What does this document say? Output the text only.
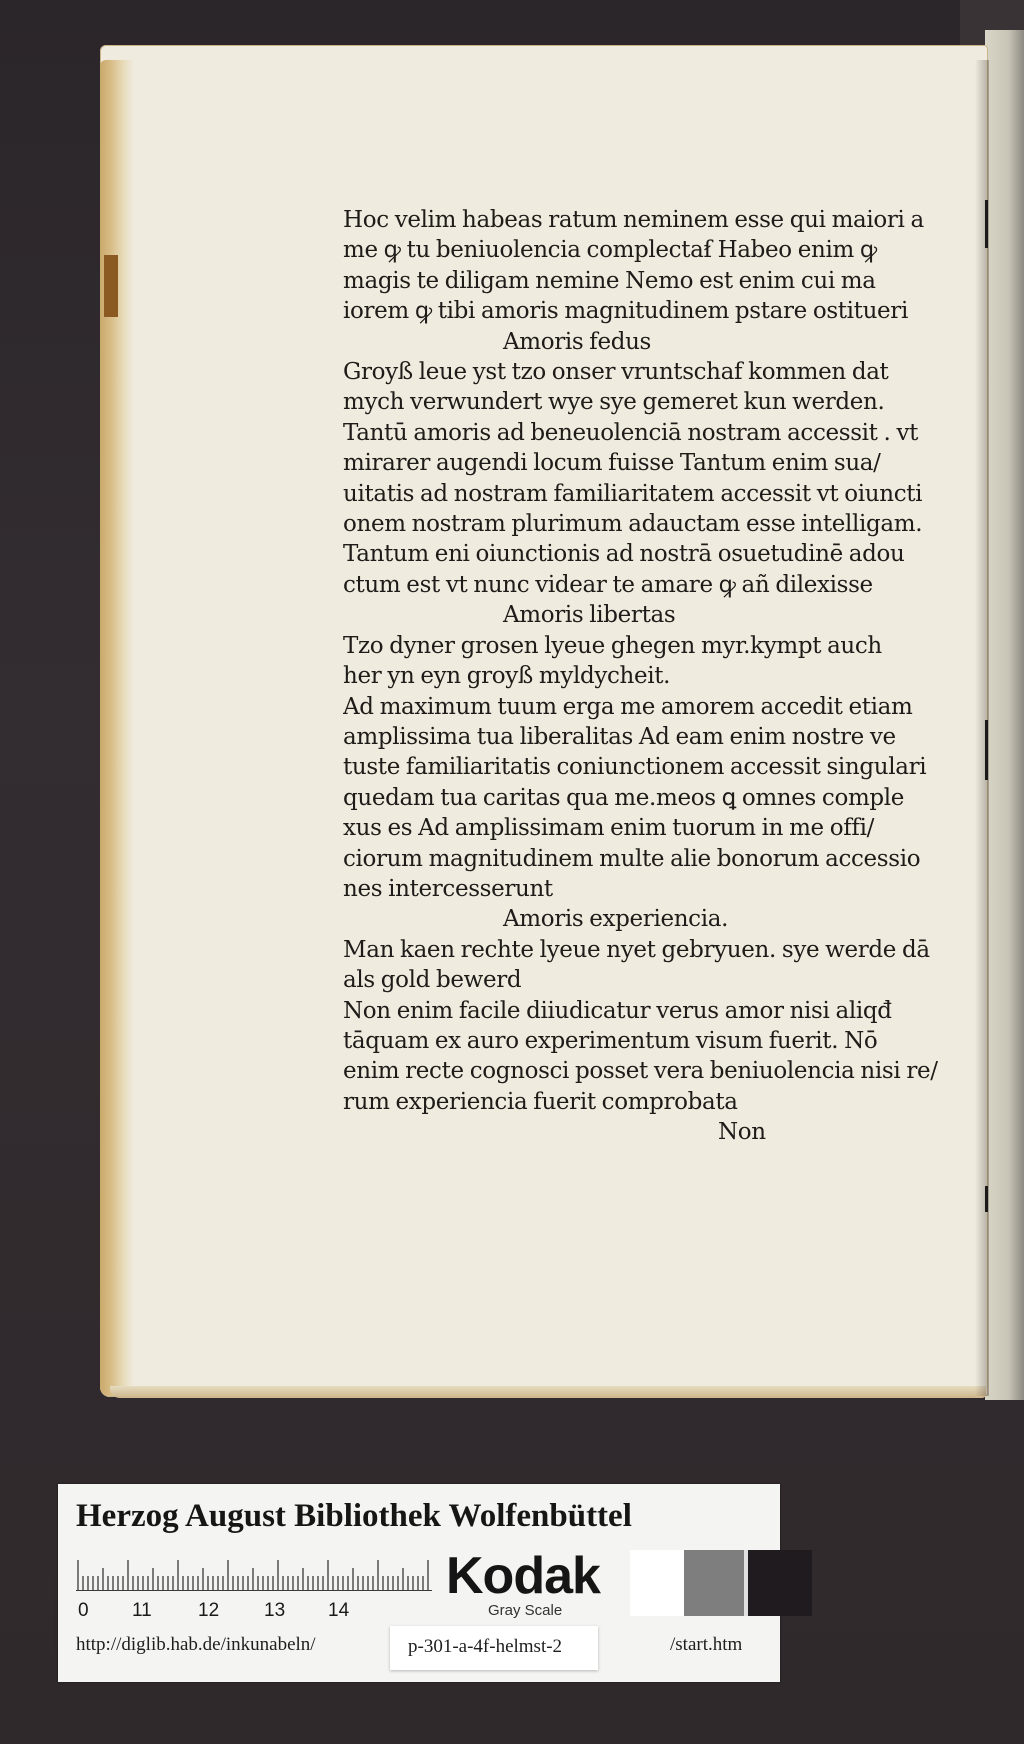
Hoc velim habeas ratum neminem esse qui maiori a
me ꝙ tu beniuolencia complectaẜ Habeo enim ꝙ
magis te diligam nemine Nemo est enim cui ma
iorem ꝙ tibi amoris magnitudinem pstare ostitueri
Amoris fedus
Groyß leue yst tzo onser vruntschaf kommen dat
mych verwundert wye sye gemeret kun werden.
Tantū amoris ad beneuolenciā nostram accessit . vt
mirarer augendi locum fuisse Tantum enim sua/
uitatis ad nostram familiaritatem accessit vt oiuncti
onem nostram plurimum adauctam esse intelligam.
Tantum eni oiunctionis ad nostrā osuetudinē adou
ctum est vt nunc videar te amare ꝙ añ dilexisse
Amoris libertas
Tzo dyner grosen lyeue ghegen myr.kympt auch
her yn eyn groyß myldycheit.
Ad maximum tuum erga me amorem accedit etiam
amplissima tua liberalitas Ad eam enim nostre ve
tuste familiaritatis coniunctionem accessit singulari
quedam tua caritas qua me.meos ꝗ omnes comple
xus es Ad amplissimam enim tuorum in me offi/
ciorum magnitudinem multe alie bonorum accessio
nes intercesserunt
Amoris experiencia.
Man kaen rechte lyeue nyet gebryuen. sye werde dā
als gold bewerd
Non enim facile diiudicatur verus amor nisi aliqđ
tāquam ex auro experimentum visum fuerit. Nō
enim recte cognosci posset vera beniuolencia nisi re/
rum experiencia fuerit comprobata
Non
Herzog August Bibliothek Wolfenbüttel
0 11 12 13 14
Kodak
Gray Scale
http://diglib.hab.de/inkunabeln/	p-301-a-4f-helmst-2	/start.htm
